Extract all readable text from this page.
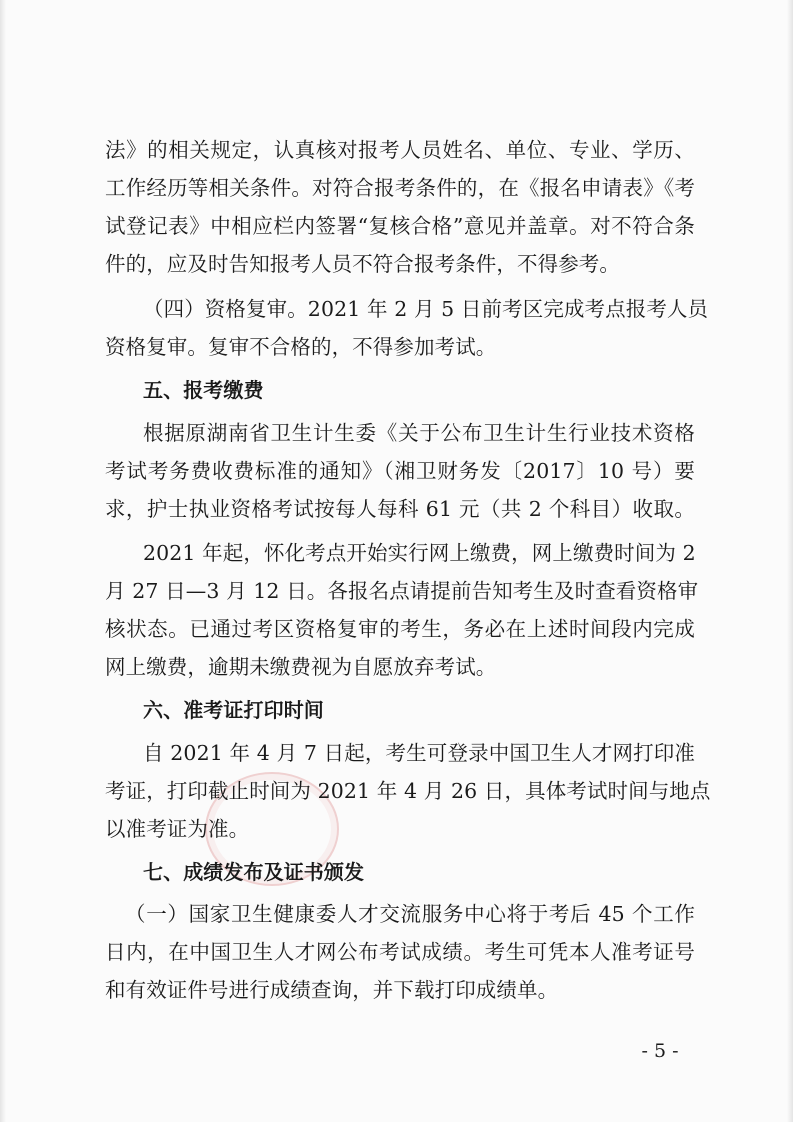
法》的相关规定，认真核对报考人员姓名、单位、专业、学历、
工作经历等相关条件。对符合报考条件的，在《报名申请表》《考
试登记表》中相应栏内签署“复核合格”意见并盖章。对不符合条
件的，应及时告知报考人员不符合报考条件，不得参考。
（四）资格复审。2021 年 2 月 5 日前考区完成考点报考人员
资格复审。复审不合格的，不得参加考试。
五、报考缴费
根据原湖南省卫生计生委《关于公布卫生计生行业技术资格
考试考务费收费标准的通知》（湘卫财务发〔2017〕10 号）要
求，护士执业资格考试按每人每科 61 元（共 2 个科目）收取。
2021 年起，怀化考点开始实行网上缴费，网上缴费时间为 2
月 27 日—3 月 12 日。各报名点请提前告知考生及时查看资格审
核状态。已通过考区资格复审的考生，务必在上述时间段内完成
网上缴费，逾期未缴费视为自愿放弃考试。
六、准考证打印时间
自 2021 年 4 月 7 日起，考生可登录中国卫生人才网打印准
考证，打印截止时间为 2021 年 4 月 26 日，具体考试时间与地点
以准考证为准。
七、成绩发布及证书颁发
（一）国家卫生健康委人才交流服务中心将于考后 45 个工作
日内，在中国卫生人才网公布考试成绩。考生可凭本人准考证号
和有效证件号进行成绩查询，并下载打印成绩单。
- 5 -
